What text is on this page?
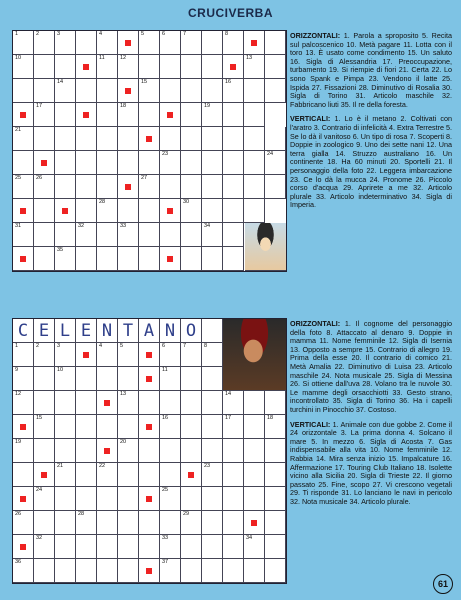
CRUCIVERBA
35
34
33
32
31
30
28
27
26
25
24
23
21
19
18
17
16
15
14
13
12
11
10
8
7
6
5
4
3
2
1	ORIZZONTALI: 1. Parola a sproposito 5. Recita sul palcoscenico 10. Metà pagare 11. Lotta con il toro 13. È usato come condimento 15. Un saluto 16. Sigla di Alessandria 17. Preoccupazione, turbamento 19. Si riempie di fiori 21. Certa 22. Lo sono Spank e Pimpa 23. Vendono il latte 25. Ispida 27. Fissazioni 28. Diminutivo di Rosalia 30. Sigla di Torino 31. Articolo maschile 32. Fabbricano liuti 35. Il re della foresta.

VERTICALI: 1. Lo è il metano 2. Coltivati con l'aratro 3. Contrario di infelicità 4. Extra Terrestre 5. Se lo dà il vanitoso 6. Un tipo di rosa 7. Scoperti 8. Doppie in zoologico 9. Uno dei sette nani 12. Una terra gialla 14. Struzzo australiano 16. Un continente 18. Ha 60 minuti 20. Sportelli 21. Il personaggio della foto 22. Leggera imbarcazione 23. Ce lo dà la mucca 24. Pronome 26. Piccolo corso d'acqua 29. Aprirete a me 32. Articolo plurale 33. Articolo indeterminativo 34. Sigla di Imperia.

37
36
34
33
32
29
28
26
25
24
23
22
21
20
19
18
17
16
15
14
13
12
11
10
9
8
7
6
5
4
3
2
1
O
N
A
T
N
E
L
E
C	ORIZZONTALI: 1. Il cognome del personaggio della foto 8. Attaccato al denaro 9. Doppie in mamma 11. Nome femminile 12. Sigla di Isernia 13. Opposto a sempre 15. Contrario di allegro 19. Prima della esse 20. Il contrario di comico 21. Metà Amalia 22. Diminutivo di Luisa 23. Articolo maschile 24. Nota musicale 25. Sigla di Messina 26. Si ottiene dall'uva 28. Volano tra le nuvole 30. Le mamme degli orsacchiotti 33. Gesto strano, incontrollato 35. Sigla di Torino 36. Ha i capelli turchini in Pinocchio 37. Costoso.

VERTICALI: 1. Animale con due gobbe 2. Come il 24 orizzontale 3. La prima donna 4. Solcano il mare 5. In mezzo 6. Sigla di Acosta 7. Gas indispensabile alla vita 10. Nome femminile 12. Rabbia 14. Mira senza inizio 15. Impalcature 16. Affermazione 17. Touring Club Italiano 18. Isolette vicino alla Sicilia 20. Sigla di Trieste 22. Il giorno passato 25. Fine, scopo 27. Vi crescono vegetali 29. Ti risponde 31. Lo lanciano le navi in pericolo 32. Nota musicale 34. Articolo plurale.

61
